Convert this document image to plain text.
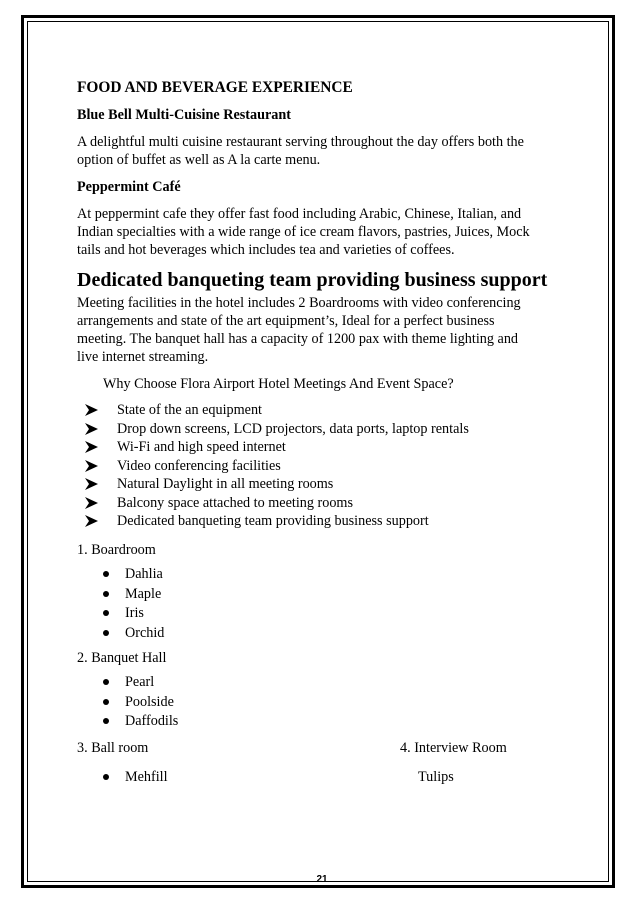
FOOD AND BEVERAGE EXPERIENCE
Blue Bell Multi-Cuisine Restaurant

A delightful multi cuisine restaurant serving throughout the day offers both the
option of buffet as well as A la carte menu.

Peppermint Café

At peppermint cafe they offer fast food including Arabic, Chinese, Italian, and
Indian specialties with a wide range of ice cream flavors, pastries, Juices, Mock
tails and hot beverages which includes tea and varieties of coffees.

Dedicated banqueting team providing business support

Meeting facilities in the hotel includes 2 Boardrooms with video conferencing
arrangements and state of the art equipment’s, Ideal for a perfect business
meeting. The banquet hall has a capacity of 1200 pax with theme lighting and
live internet streaming.

Why Choose Flora Airport Hotel Meetings And Event Space?
State of the an equipment
Drop down screens, LCD projectors, data ports, laptop rentals
Wi-Fi and high speed internet
Video conferencing facilities
Natural Daylight in all meeting rooms
Balcony space attached to meeting rooms
Dedicated banqueting team providing business support
1. Boardroom
Dahlia
Maple
Iris
Orchid
2. Banquet Hall
Pearl
Poolside
Daffodils
3. Ball room	4. Interview Room
Mehfill	Tulips
21
